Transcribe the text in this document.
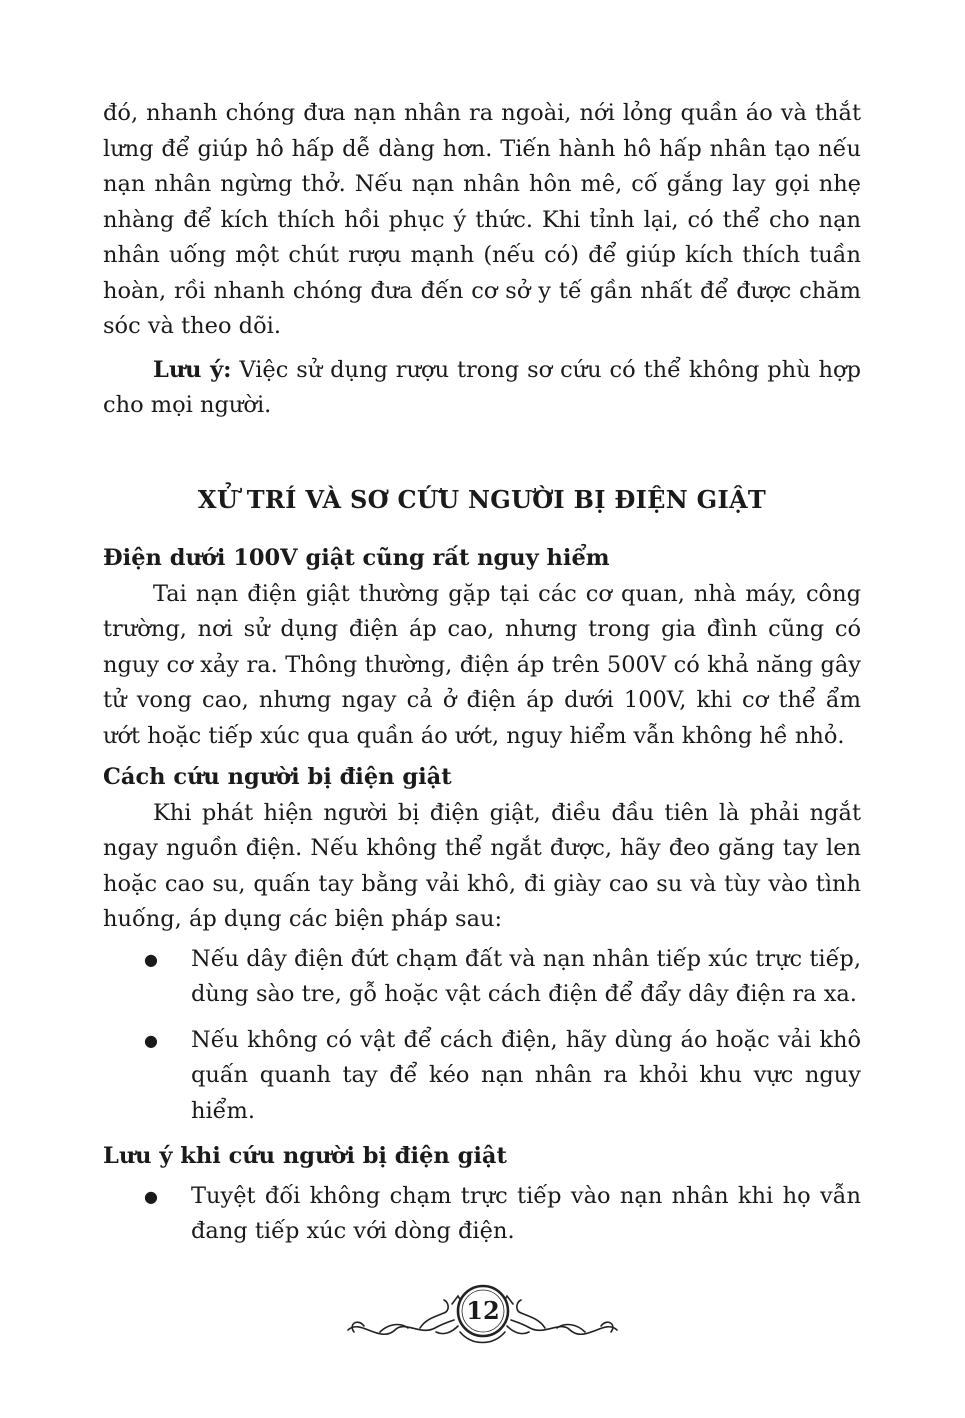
đó, nhanh chóng đưa nạn nhân ra ngoài, nới lỏng quần áo và thắt lưng để giúp hô hấp dễ dàng hơn. Tiến hành hô hấp nhân tạo nếu nạn nhân ngừng thở. Nếu nạn nhân hôn mê, cố gắng lay gọi nhẹ nhàng để kích thích hồi phục ý thức. Khi tỉnh lại, có thể cho nạn nhân uống một chút rượu mạnh (nếu có) để giúp kích thích tuần hoàn, rồi nhanh chóng đưa đến cơ sở y tế gần nhất để được chăm sóc và theo dõi.

Lưu ý: Việc sử dụng rượu trong sơ cứu có thể không phù hợp cho mọi người.

XỬ TRÍ VÀ SƠ CỨU NGƯỜI BỊ ĐIỆN GIẬT
Điện dưới 100V giật cũng rất nguy hiểm

Tai nạn điện giật thường gặp tại các cơ quan, nhà máy, công trường, nơi sử dụng điện áp cao, nhưng trong gia đình cũng có nguy cơ xảy ra. Thông thường, điện áp trên 500V có khả năng gây tử vong cao, nhưng ngay cả ở điện áp dưới 100V, khi cơ thể ẩm ướt hoặc tiếp xúc qua quần áo ướt, nguy hiểm vẫn không hề nhỏ.

Cách cứu người bị điện giật

Khi phát hiện người bị điện giật, điều đầu tiên là phải ngắt ngay nguồn điện. Nếu không thể ngắt được, hãy đeo găng tay len hoặc cao su, quấn tay bằng vải khô, đi giày cao su và tùy vào tình huống, áp dụng các biện pháp sau:

● Nếu dây điện đứt chạm đất và nạn nhân tiếp xúc trực tiếp, dùng sào tre, gỗ hoặc vật cách điện để đẩy dây điện ra xa.
● Nếu không có vật để cách điện, hãy dùng áo hoặc vải khô quấn quanh tay để kéo nạn nhân ra khỏi khu vực nguy hiểm.
Lưu ý khi cứu người bị điện giật
● Tuyệt đối không chạm trực tiếp vào nạn nhân khi họ vẫn đang tiếp xúc với dòng điện.
12
